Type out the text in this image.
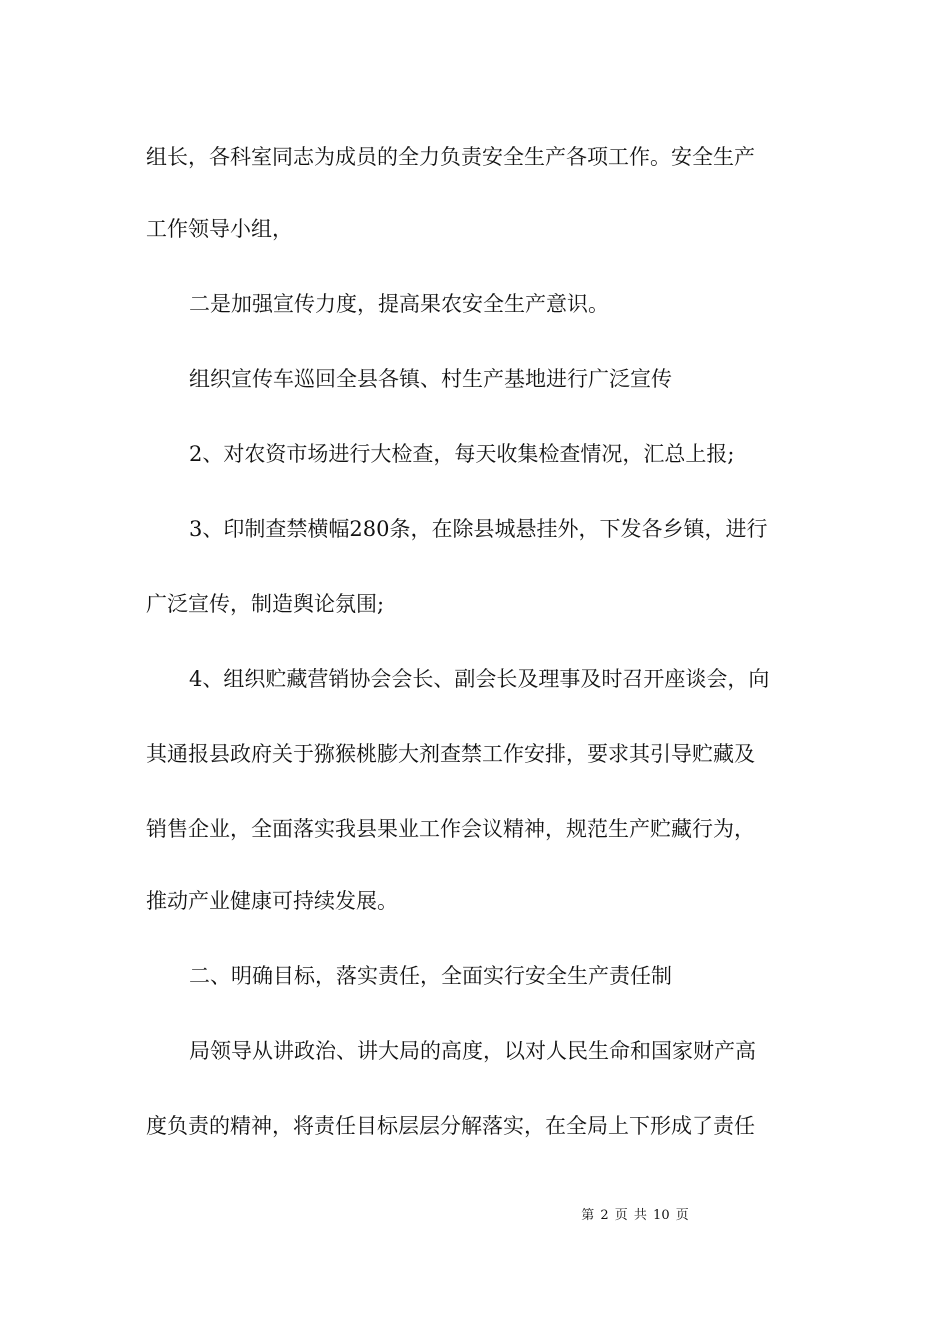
组长，各科室同志为成员的全力负责安全生产各项工作。安全生产
工作领导小组，
二是加强宣传力度，提高果农安全生产意识。
组织宣传车巡回全县各镇、村生产基地进行广泛宣传
2、对农资市场进行大检查，每天收集检查情况，汇总上报;
3、印制查禁横幅280条，在除县城悬挂外，下发各乡镇，进行
广泛宣传，制造舆论氛围;
4、组织贮藏营销协会会长、副会长及理事及时召开座谈会，向
其通报县政府关于猕猴桃膨大剂查禁工作安排，要求其引导贮藏及
销售企业，全面落实我县果业工作会议精神，规范生产贮藏行为，
推动产业健康可持续发展。
二、明确目标，落实责任，全面实行安全生产责任制
局领导从讲政治、讲大局的高度，以对人民生命和国家财产高
度负责的精神，将责任目标层层分解落实，在全局上下形成了责任
第 2 页 共 10 页
